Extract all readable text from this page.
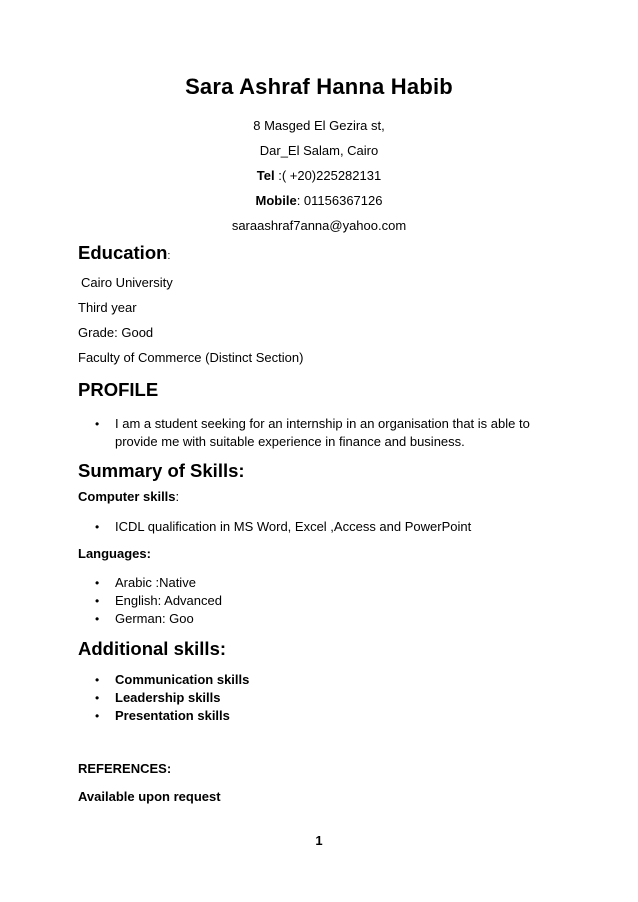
Sara Ashraf Hanna Habib
8 Masged El Gezira st,
Dar_El Salam, Cairo
Tel :( +20)225282131
Mobile: 01156367126
saraashraf7anna@yahoo.com
Education:
Cairo University
Third year
Grade: Good
Faculty of Commerce (Distinct Section)
PROFILE
• I am a student seeking for an internship in an organisation that is able to
provide me with suitable experience in finance and business.
Summary of Skills:
Computer skills:
• ICDL qualification in MS Word, Excel ,Access and PowerPoint
Languages:
• Arabic :Native
• English: Advanced
• German: Goo
Additional skills:
• Communication skills
• Leadership skills
• Presentation skills
REFERENCES:
Available upon request
1
